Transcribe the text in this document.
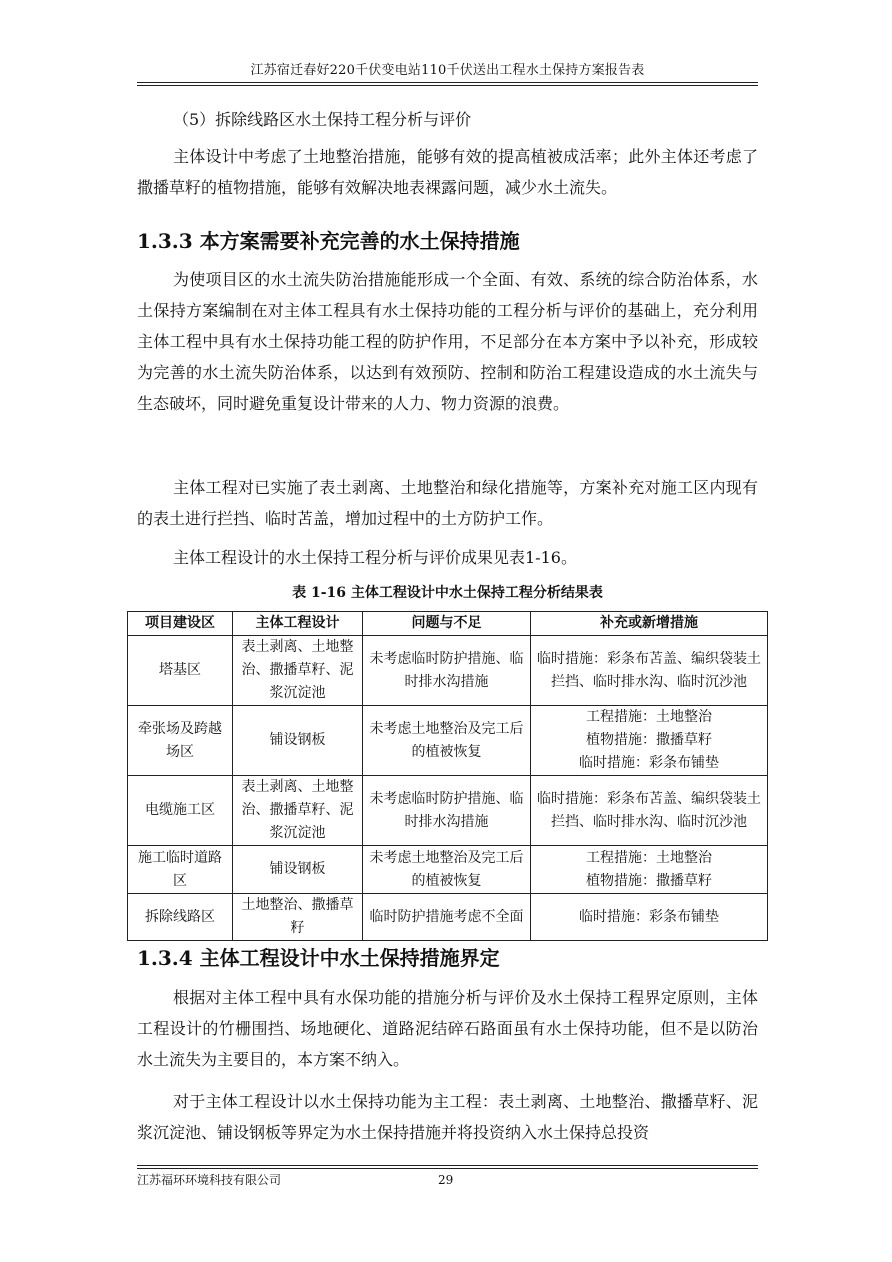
江苏宿迁春好220千伏变电站110千伏送出工程水土保持方案报告表
（5）拆除线路区水土保持工程分析与评价
主体设计中考虑了土地整治措施，能够有效的提高植被成活率；此外主体还考虑了撒播草籽的植物措施，能够有效解决地表裸露问题，减少水土流失。
1.3.3 本方案需要补充完善的水土保持措施
为使项目区的水土流失防治措施能形成一个全面、有效、系统的综合防治体系，水土保持方案编制在对主体工程具有水土保持功能的工程分析与评价的基础上，充分利用主体工程中具有水土保持功能工程的防护作用，不足部分在本方案中予以补充，形成较为完善的水土流失防治体系，以达到有效预防、控制和防治工程建设造成的水土流失与生态破坏，同时避免重复设计带来的人力、物力资源的浪费。
主体工程对已实施了表土剥离、土地整治和绿化措施等，方案补充对施工区内现有的表土进行拦挡、临时苫盖，增加过程中的土方防护工作。
主体工程设计的水土保持工程分析与评价成果见表1-16。
表 1-16 主体工程设计中水土保持工程分析结果表
项目建设区	主体工程设计	问题与不足	补充或新增措施
塔基区	表土剥离、土地整治、撒播草籽、泥浆沉淀池	未考虑临时防护措施、临时排水沟措施	临时措施：彩条布苫盖、编织袋装土拦挡、临时排水沟、临时沉沙池
牵张场及跨越场区	铺设钢板	未考虑土地整治及完工后的植被恢复	工程措施：土地整治
植物措施：撒播草籽
临时措施：彩条布铺垫

电缆施工区	表土剥离、土地整治、撒播草籽、泥浆沉淀池	未考虑临时防护措施、临时排水沟措施	临时措施：彩条布苫盖、编织袋装土拦挡、临时排水沟、临时沉沙池
施工临时道路区	铺设钢板	未考虑土地整治及完工后的植被恢复	工程措施：土地整治
植物措施：撒播草籽

拆除线路区	土地整治、撒播草籽	临时防护措施考虑不全面	临时措施：彩条布铺垫
1.3.4 主体工程设计中水土保持措施界定
根据对主体工程中具有水保功能的措施分析与评价及水土保持工程界定原则，主体工程设计的竹栅围挡、场地硬化、道路泥结碎石路面虽有水土保持功能，但不是以防治水土流失为主要目的，本方案不纳入。
对于主体工程设计以水土保持功能为主工程：表土剥离、土地整治、撒播草籽、泥浆沉淀池、铺设钢板等界定为水土保持措施并将投资纳入水土保持总投资
江苏福环环境科技有限公司	29
